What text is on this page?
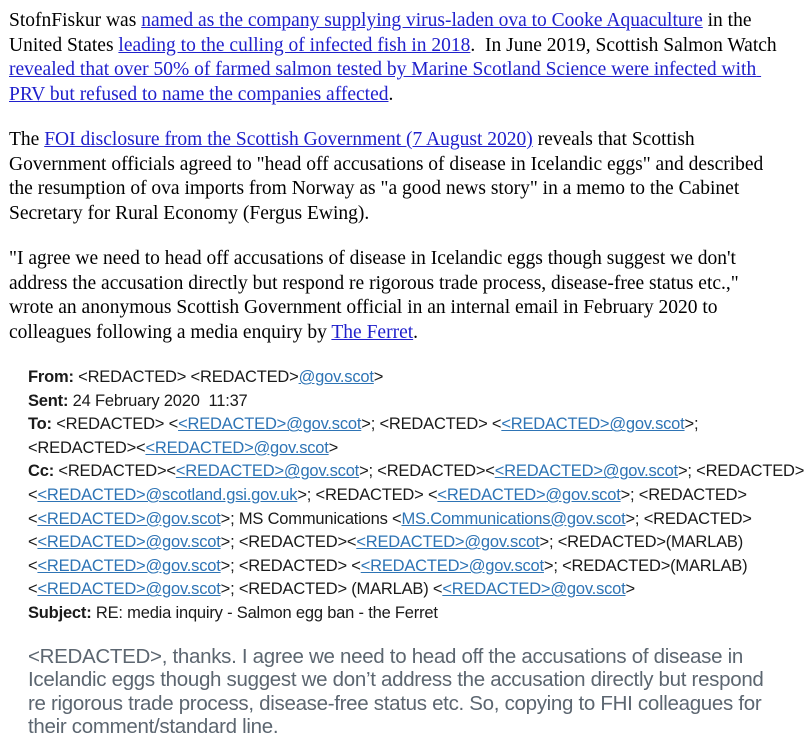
StofnFiskur was named as the company supplying virus-laden ova to Cooke Aquaculture in the United States leading to the culling of infected fish in 2018.  In June 2019, Scottish Salmon Watch revealed that over 50% of farmed salmon tested by Marine Scotland Science were infected with PRV but refused to name the companies affected.

The FOI disclosure from the Scottish Government (7 August 2020) reveals that Scottish Government officials agreed to "head off accusations of disease in Icelandic eggs" and described the resumption of ova imports from Norway as "a good news story" in a memo to the Cabinet Secretary for Rural Economy (Fergus Ewing).

"I agree we need to head off accusations of disease in Icelandic eggs though suggest we don't address the accusation directly but respond re rigorous trade process, disease-free status etc.," wrote an anonymous Scottish Government official in an internal email in February 2020 to colleagues following a media enquiry by The Ferret.

From: <REDACTED> <REDACTED>@gov.scot>
Sent: 24 February 2020  11:37
To: <REDACTED> <<REDACTED>@gov.scot>; <REDACTED> <<REDACTED>@gov.scot>;
<REDACTED><<REDACTED>@gov.scot>
Cc: <REDACTED><<REDACTED>@gov.scot>; <REDACTED><<REDACTED>@gov.scot>; <REDACTED>
<<REDACTED>@scotland.gsi.gov.uk>; <REDACTED> <<REDACTED>@gov.scot>; <REDACTED>
<<REDACTED>@gov.scot>; MS Communications <MS.Communications@gov.scot>; <REDACTED>
<<REDACTED>@gov.scot>; <REDACTED><<REDACTED>@gov.scot>; <REDACTED>(MARLAB)
<<REDACTED>@gov.scot>; <REDACTED> <<REDACTED>@gov.scot>; <REDACTED>(MARLAB)
<<REDACTED>@gov.scot>; <REDACTED> (MARLAB) <<REDACTED>@gov.scot>
Subject: RE: media inquiry - Salmon egg ban - the Ferret
<REDACTED>, thanks. I agree we need to head off the accusations of disease in Icelandic eggs though suggest we don’t address the accusation directly but respond re rigorous trade process, disease-free status etc. So, copying to FHI colleagues for their comment/standard line.
